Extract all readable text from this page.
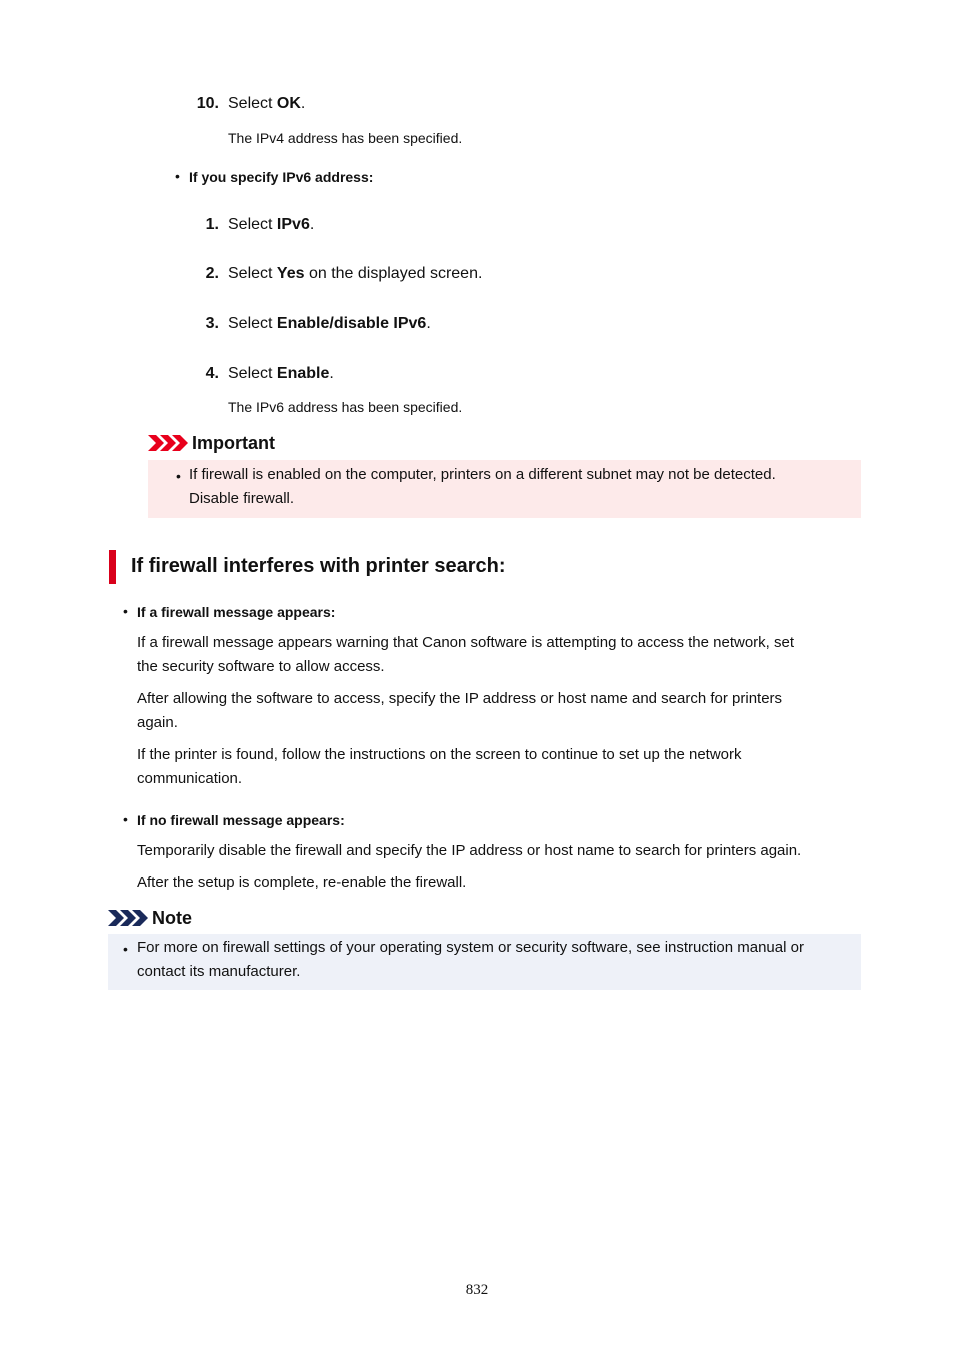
10. Select OK.
The IPv4 address has been specified.
• If you specify IPv6 address:
1. Select IPv6.
2. Select Yes on the displayed screen.
3. Select Enable/disable IPv6.
4. Select Enable.
The IPv6 address has been specified.
Important
• If firewall is enabled on the computer, printers on a different subnet may not be detected.
Disable firewall.
If firewall interferes with printer search:
• If a firewall message appears:
If a firewall message appears warning that Canon software is attempting to access the network, set
the security software to allow access.
After allowing the software to access, specify the IP address or host name and search for printers
again.
If the printer is found, follow the instructions on the screen to continue to set up the network
communication.
• If no firewall message appears:
Temporarily disable the firewall and specify the IP address or host name to search for printers again.
After the setup is complete, re-enable the firewall.
Note
• For more on firewall settings of your operating system or security software, see instruction manual or
contact its manufacturer.
832
